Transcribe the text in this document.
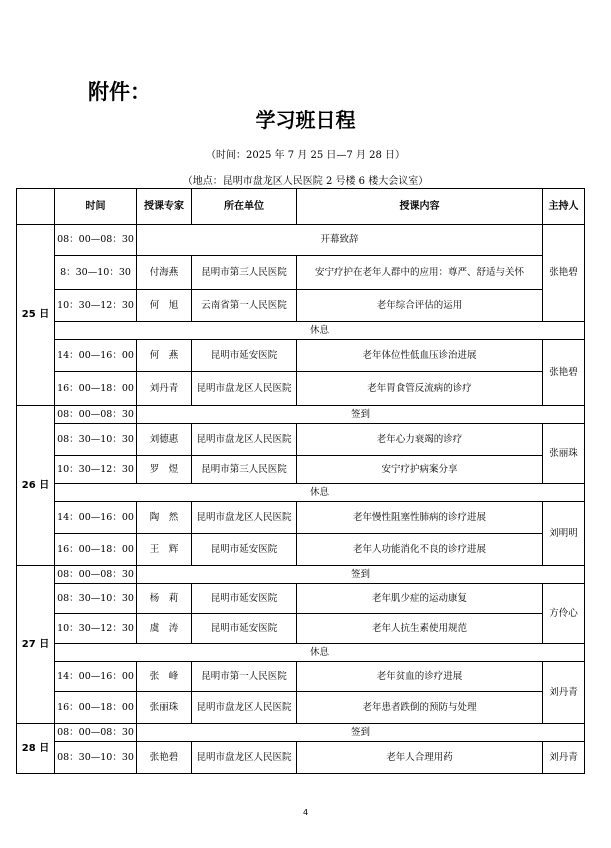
附件：
学习班日程
（时间：2025 年 7 月 25 日—7 月 28 日）
（地点：昆明市盘龙区人民医院 2 号楼 6 楼大会议室）
	时间	授课专家	所在单位	授课内容	主持人
25 日	08：00—08：30	开幕致辞			张艳碧
	8：30—10：30	付海燕	昆明市第三人民医院	安宁疗护在老年人群中的应用：尊严、舒适与关怀	
	10：30—12：30	何　旭	云南省第一人民医院	老年综合评估的运用	
	休息				
	14：00—16：00	何　燕	昆明市延安医院	老年体位性低血压诊治进展	张艳碧
	16：00—18：00	刘丹青	昆明市盘龙区人民医院	老年胃食管反流病的诊疗	
26 日	08：00—08：30	签到			
	08：30—10：30	刘德惠	昆明市盘龙区人民医院	老年心力衰竭的诊疗	张丽珠
	10：30—12：30	罗　煜	昆明市第三人民医院	安宁疗护病案分享	
	休息				
	14：00—16：00	陶　然	昆明市盘龙区人民医院	老年慢性阻塞性肺病的诊疗进展	刘明明
	16：00—18：00	王　辉	昆明市延安医院	老年人功能消化不良的诊疗进展	
27 日	08：00—08：30	签到			
	08：30—10：30	杨　莉	昆明市延安医院	老年肌少症的运动康复	方伶心
	10：30—12：30	虞　涛	昆明市延安医院	老年人抗生素使用规范	
	休息				
	14：00—16：00	张　峰	昆明市第一人民医院	老年贫血的诊疗进展	刘丹青
	16：00—18：00	张丽珠	昆明市盘龙区人民医院	老年患者跌倒的预防与处理	
28 日	08：00—08：30	签到			
	08：30—10：30	张艳碧	昆明市盘龙区人民医院	老年人合理用药	刘丹青
4
